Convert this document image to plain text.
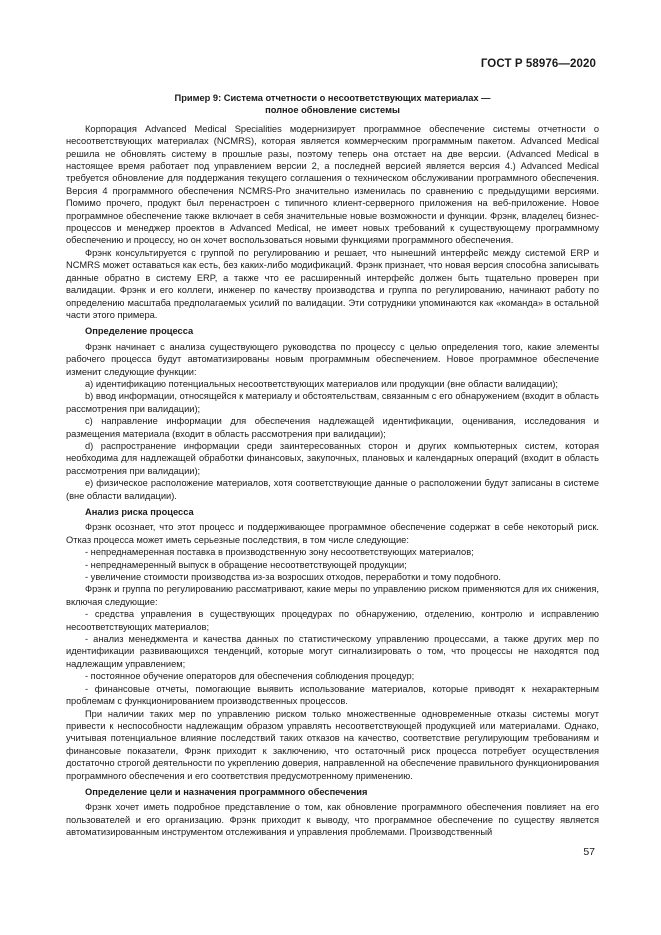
ГОСТ Р 58976—2020
Пример 9: Система отчетности о несоответствующих материалах —
полное обновление системы

Корпорация Advanced Medical Specialities модернизирует программное обеспечение системы отчетности о несоответствующих материалах (NCMRS), которая является коммерческим программным пакетом. Advanced Medical решила не обновлять систему в прошлые разы, поэтому теперь она отстает на две версии. (Advanced Medical в настоящее время работает под управлением версии 2, а последней версией является версия 4.) Advanced Medical требуется обновление для поддержания текущего соглашения о техническом обслуживании программного обеспечения. Версия 4 программного обеспечения NCMRS-Pro значительно изменилась по сравнению с предыдущими версиями. Помимо прочего, продукт был перенастроен с типичного клиент-серверного приложения на веб-приложение. Новое программное обеспечение также включает в себя значительные новые возможности и функции. Фрэнк, владелец бизнес-процессов и менеджер проектов в Advanced Medical, не имеет новых требований к существующему программному обеспечению и процессу, но он хочет воспользоваться новыми функциями программного обеспечения.

Фрэнк консультируется с группой по регулированию и решает, что нынешний интерфейс между системой ERP и NCMRS может оставаться как есть, без каких-либо модификаций. Фрэнк признает, что новая версия способна записывать данные обратно в систему ERP, а также что ее расширенный интерфейс должен быть тщательно проверен при валидации. Фрэнк и его коллеги, инженер по качеству производства и группа по регулированию, начинают работу по определению масштаба предполагаемых усилий по валидации. Эти сотрудники упоминаются как «команда» в остальной части этого примера.

Определение процесса

Фрэнк начинает с анализа существующего руководства по процессу с целью определения того, какие элементы рабочего процесса будут автоматизированы новым программным обеспечением. Новое программное обеспечение изменит следующие функции:

a) идентификацию потенциальных несоответствующих материалов или продукции (вне области валидации);

b) ввод информации, относящейся к материалу и обстоятельствам, связанным с его обнаружением (входит в область рассмотрения при валидации);

c) направление информации для обеспечения надлежащей идентификации, оценивания, исследования и размещения материала (входит в область рассмотрения при валидации);

d) распространение информации среди заинтересованных сторон и других компьютерных систем, которая необходима для надлежащей обработки финансовых, закупочных, плановых и календарных операций (входит в область рассмотрения при валидации);

e) физическое расположение материалов, хотя соответствующие данные о расположении будут записаны в системе (вне области валидации).

Анализ риска процесса

Фрэнк осознает, что этот процесс и поддерживающее программное обеспечение содержат в себе некоторый риск. Отказ процесса может иметь серьезные последствия, в том числе следующие:

- непреднамеренная поставка в производственную зону несоответствующих материалов;

- непреднамеренный выпуск в обращение несоответствующей продукции;

- увеличение стоимости производства из-за возросших отходов, переработки и тому подобного.

Фрэнк и группа по регулированию рассматривают, какие меры по управлению риском применяются для их снижения, включая следующие:

- средства управления в существующих процедурах по обнаружению, отделению, контролю и исправлению несоответствующих материалов;

- анализ менеджмента и качества данных по статистическому управлению процессами, а также других мер по идентификации развивающихся тенденций, которые могут сигнализировать о том, что процессы не находятся под надлежащим управлением;

- постоянное обучение операторов для обеспечения соблюдения процедур;

- финансовые отчеты, помогающие выявить использование материалов, которые приводят к нехарактерным проблемам с функционированием производственных процессов.

При наличии таких мер по управлению риском только множественные одновременные отказы системы могут привести к неспособности надлежащим образом управлять несоответствующей продукцией или материалами. Однако, учитывая потенциальное влияние последствий таких отказов на качество, соответствие регулирующим требованиям и финансовые показатели, Фрэнк приходит к заключению, что остаточный риск процесса потребует осуществления достаточно строгой деятельности по укреплению доверия, направленной на обеспечение правильного функционирования программного обеспечения и его соответствия предусмотренному применению.

Определение цели и назначения программного обеспечения

Фрэнк хочет иметь подробное представление о том, как обновление программного обеспечения повлияет на его пользователей и его организацию. Фрэнк приходит к выводу, что программное обеспечение по существу является автоматизированным инструментом отслеживания и управления проблемами. Производственный

57
